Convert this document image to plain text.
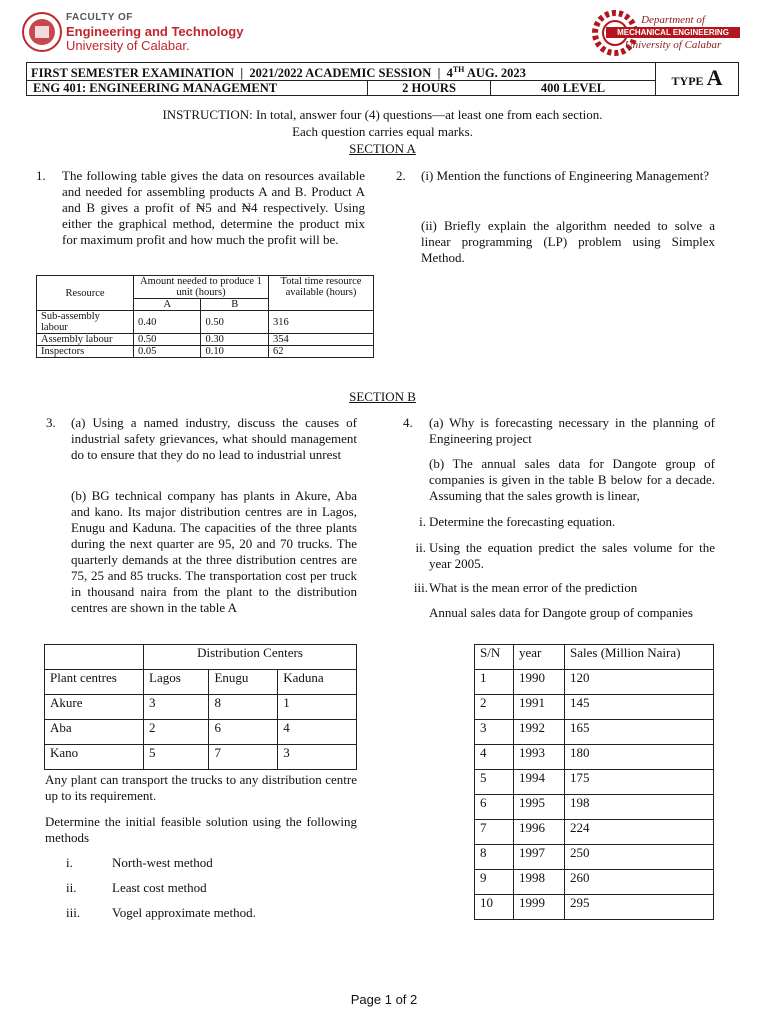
FACULTY OF
Engineering and Technology
University of Calabar.
Department of
MECHANICAL ENGINEERING
University of Calabar
FIRST SEMESTER EXAMINATION | 2021/2022 ACADEMIC SESSION | 4TH AUG. 2023	TYPE A

ENG 401: ENGINEERING MANAGEMENT	2 HOURS	400 LEVEL
INSTRUCTION: In total, answer four (4) questions—at least one from each section.
Each question carries equal marks.
SECTION A
1. The following table gives the data on resources available and needed for assembling products A and B. Product A and B gives a profit of ₦5 and ₦4 respectively. Using either the graphical method, determine the product mix for maximum profit and how much the profit will be.
Resource	Amount needed to produce 1 unit (hours)		Total time resource available (hours)
	A	B	
Sub-assembly labour	0.40	0.50	316
Assembly labour	0.50	0.30	354
Inspectors	0.05	0.10	62
2. (i) Mention the functions of Engineering Management?
(ii) Briefly explain the algorithm needed to solve a linear programming (LP) problem using Simplex Method.
SECTION B
3. (a) Using a named industry, discuss the causes of industrial safety grievances, what should management do to ensure that they do no lead to industrial unrest
(b) BG technical company has plants in Akure, Aba and kano. Its major distribution centres are in Lagos, Enugu and Kaduna. The capacities of the three plants during the next quarter are 95, 20 and 70 trucks. The quarterly demands at the three distribution centres are 75, 25 and 85 trucks. The transportation cost per truck in thousand naira from the plant to the distribution centres are shown in the table A
	Distribution Centers		
Plant centres	Lagos	Enugu	Kaduna
Akure	3	8	1
Aba	2	6	4
Kano	5	7	3
Any plant can transport the trucks to any distribution centre up to its requirement.
Determine the initial feasible solution using the following methods
i.	North-west method
ii.	Least cost method
iii. Vogel approximate method.
4. (a) Why is forecasting necessary in the planning of Engineering project
(b) The annual sales data for Dangote group of companies is given in the table B below for a decade. Assuming that the sales growth is linear,
i. Determine the forecasting equation.
ii. Using the equation predict the sales volume for the year 2005.
iii. What is the mean error of the prediction
Annual sales data for Dangote group of companies
S/N	year	Sales (Million Naira)
1	1990	120
2	1991	145
3	1992	165
4	1993	180
5	1994	175
6	1995	198
7	1996	224
8	1997	250
9	1998	260
10	1999	295
Page 1 of 2
